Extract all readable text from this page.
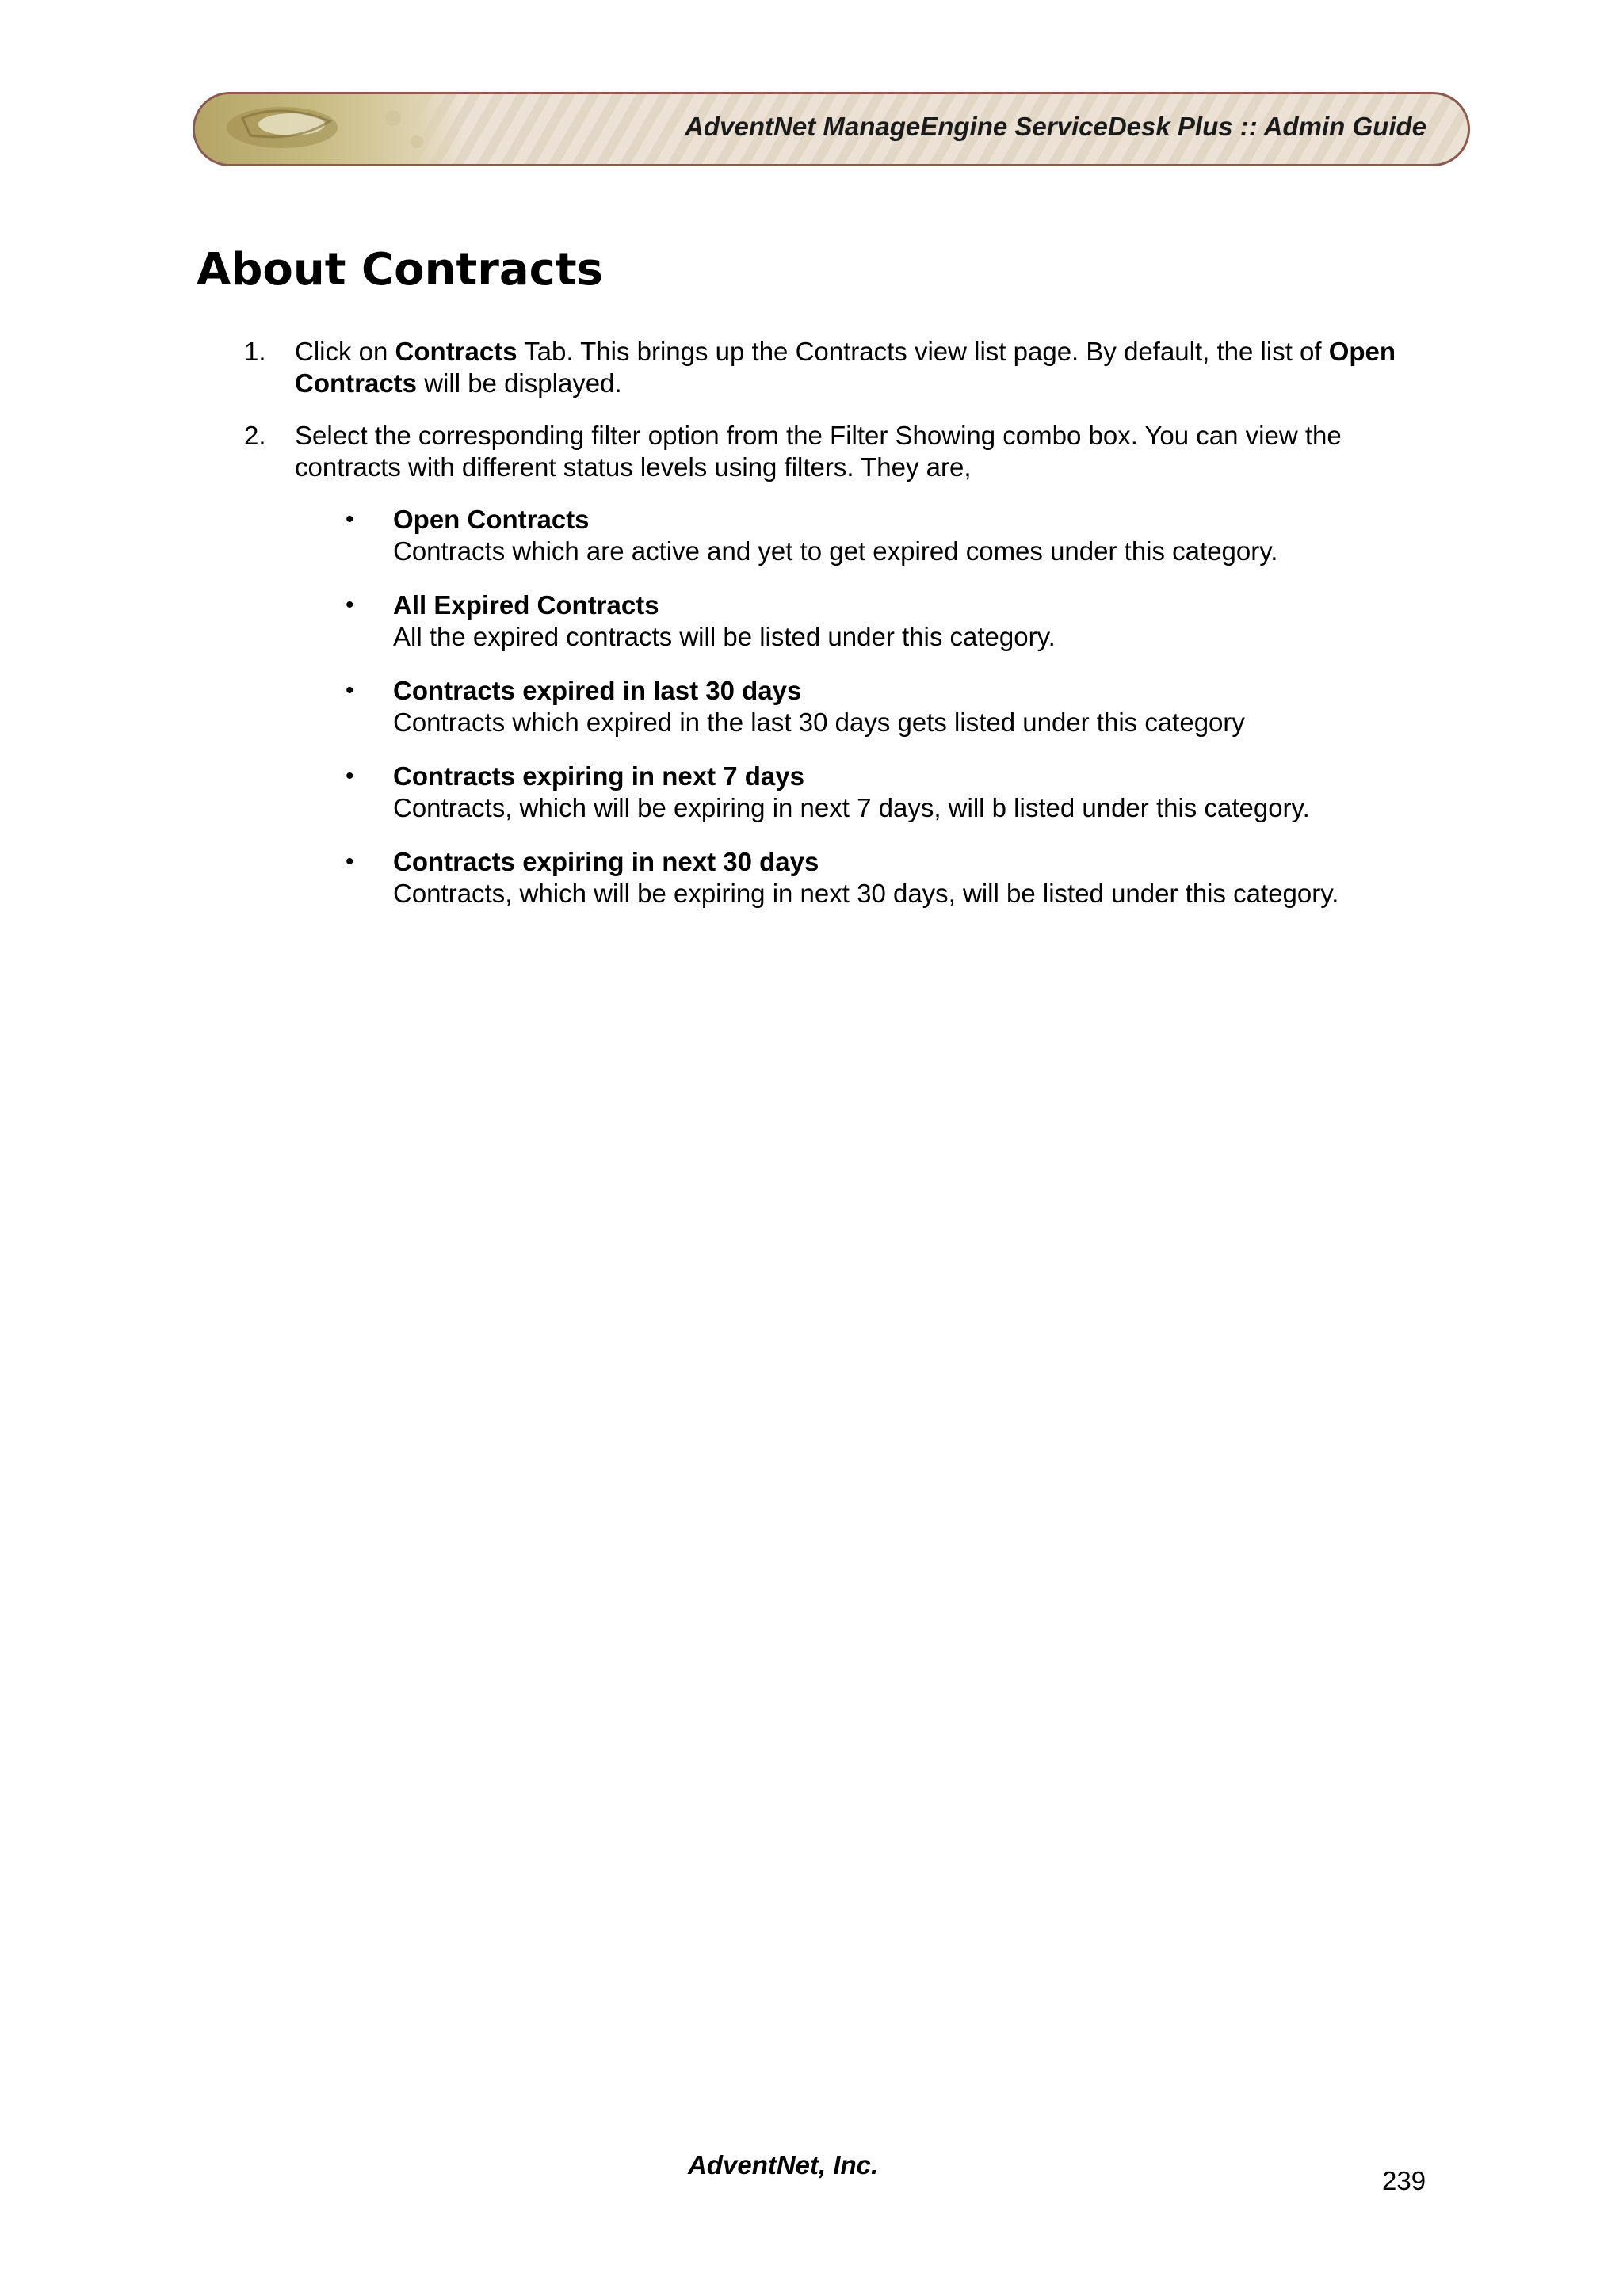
AdventNet ManageEngine ServiceDesk Plus :: Admin Guide
About Contracts
1. Click on Contracts Tab. This brings up the Contracts view list page. By default, the list of Open Contracts will be displayed.
2. Select the corresponding filter option from the Filter Showing combo box. You can view the contracts with different status levels using filters. They are,
• Open Contracts
Contracts which are active and yet to get expired comes under this category.
• All Expired Contracts
All the expired contracts will be listed under this category.
• Contracts expired in last 30 days
Contracts which expired in the last 30 days gets listed under this category
• Contracts expiring in next 7 days
Contracts, which will be expiring in next 7 days, will b listed under this category.
• Contracts expiring in next 30 days
Contracts, which will be expiring in next 30 days, will be listed under this category.
AdventNet, Inc.
239
